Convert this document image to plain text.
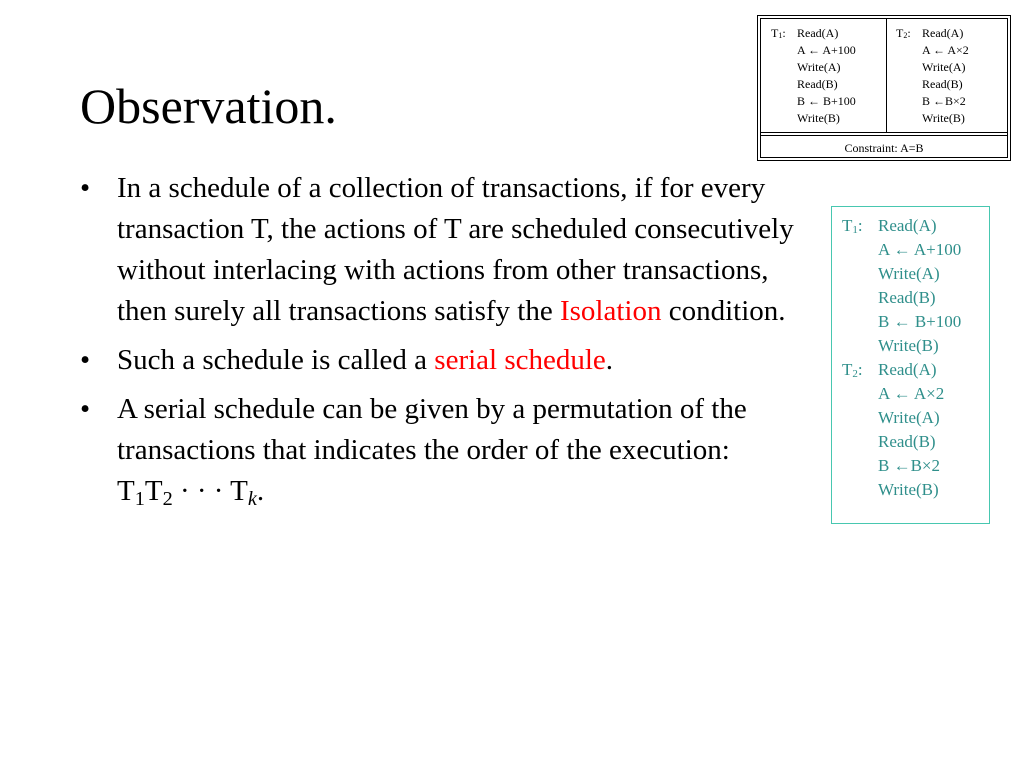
Observation.
• In a schedule of a collection of transactions, if for every transaction T, the actions of T are scheduled consecutively without interlacing with actions from other transactions, then surely all transactions satisfy the Isolation condition.
• Such a schedule is called a serial schedule.
• A serial schedule can be given by a permutation of the transactions that indicates the order of the $execution:T_1T_2$ · · · $T_k$.
$T_1$: Read(A)
A ← A+100
Write(A)
Read(B)
B ← B+100
Write(B)
$T_2$: Read(A)
A ← A×2
Write(A)
Read(B)
B ←B×2
Write(B)
Constraint: A=B
$T_1$: Read(A)
A ← A+100
Write(A)
Read(B)
B ← B+100
Write(B)
$T_2$: Read(A)
A ← A×2
Write(A)
Read(B)
B ←B×2
Write(B)
